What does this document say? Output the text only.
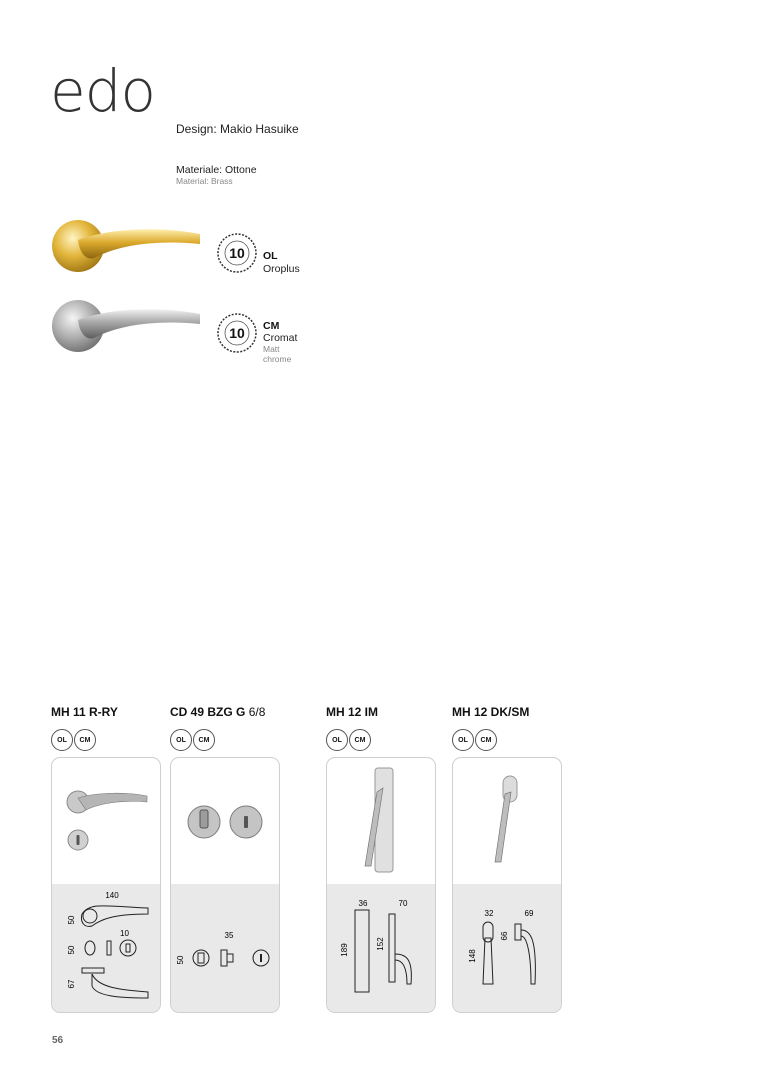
edo
Design: Makio Hasuike
Materiale: Ottone
Material: Brass
10 OL
Oroplus
10 CM
Cromat
Matt chrome
MH 11 R-RY
OL	CM
140
50
10
50
67
CD 49 BZG G 6/8
OL	CM
35
50
MH 12 IM
OL	CM
36	70
189	152
MH 12 DK/SM
OL	CM
32	69
148
66
56
